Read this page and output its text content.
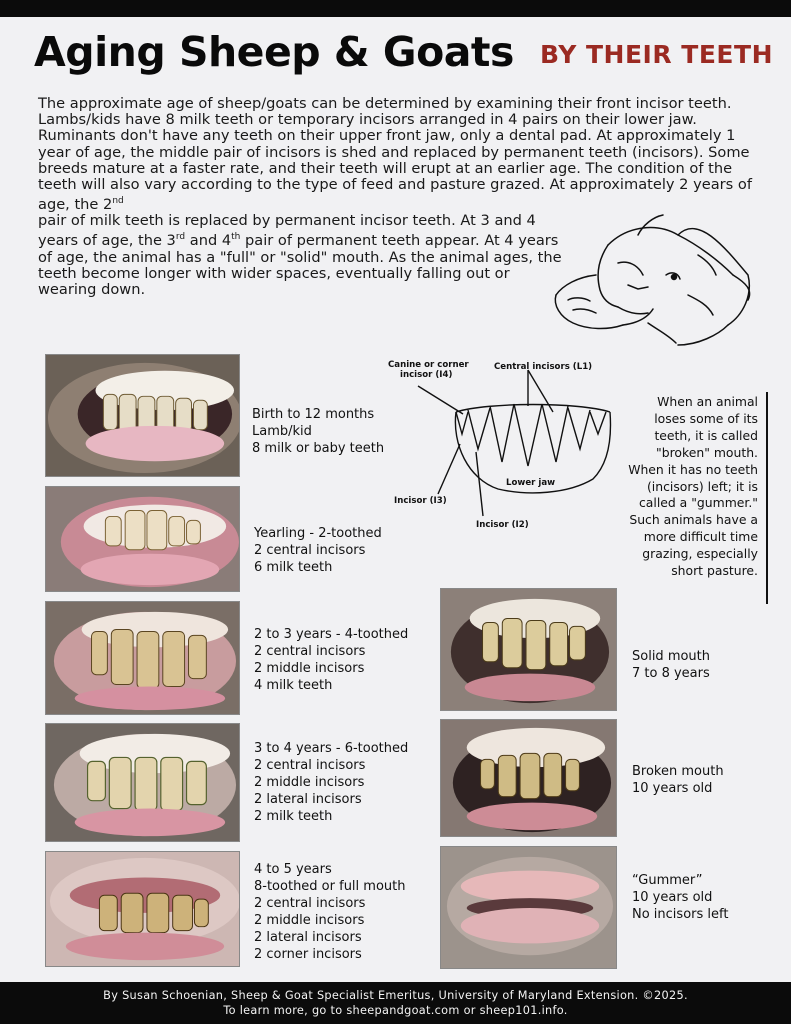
Aging Sheep & Goats BY THEIR TEETH

The approximate age of sheep/goats can be determined by examining their front incisor teeth. Lambs/kids have 8 milk teeth or temporary incisors arranged in 4 pairs on their lower jaw. Ruminants don't have any teeth on their upper front jaw, only a dental pad. At approximately 1 year of age, the middle pair of incisors is shed and replaced by permanent teeth (incisors). Some breeds mature at a faster rate, and their teeth will erupt at an earlier age. The condition of the teeth will also vary according to the type of feed and pasture grazed. At approximately 2 years of age, the 2nd

pair of milk teeth is replaced by permanent incisor teeth. At 3 and 4 years of age, the 3rd and 4th pair of permanent teeth appear. At 4 years of age, the animal has a "full" or "solid" mouth. As the animal ages, the teeth become longer with wider spaces, eventually falling out or wearing down.

Canine or corner
incisor (I4)
Central incisors (L1)
Lower jaw
Incisor (I3)
Incisor (I2)
When an animal loses some of its teeth, it is called "broken" mouth. When it has no teeth (incisors) left; it is called a "gummer." Such animals have a more difficult time grazing, especially short pasture.
Birth to 12 months
Lamb/kid
8 milk or baby teeth
Yearling - 2-toothed
2 central incisors
6 milk teeth
2 to 3 years - 4-toothed
2 central incisors
2 middle incisors
4 milk teeth
3 to 4 years - 6-toothed
2 central incisors
2 middle incisors
2 lateral incisors
2 milk teeth
4 to 5 years
8-toothed or full mouth
2 central incisors
2 middle incisors
2 lateral incisors
2 corner incisors
Solid mouth
7 to 8 years
Broken mouth
10 years old
“Gummer”
10 years old
No incisors left
By Susan Schoenian, Sheep & Goat Specialist Emeritus, University of Maryland Extension. ©2025.
To learn more, go to sheepandgoat.com or sheep101.info.
